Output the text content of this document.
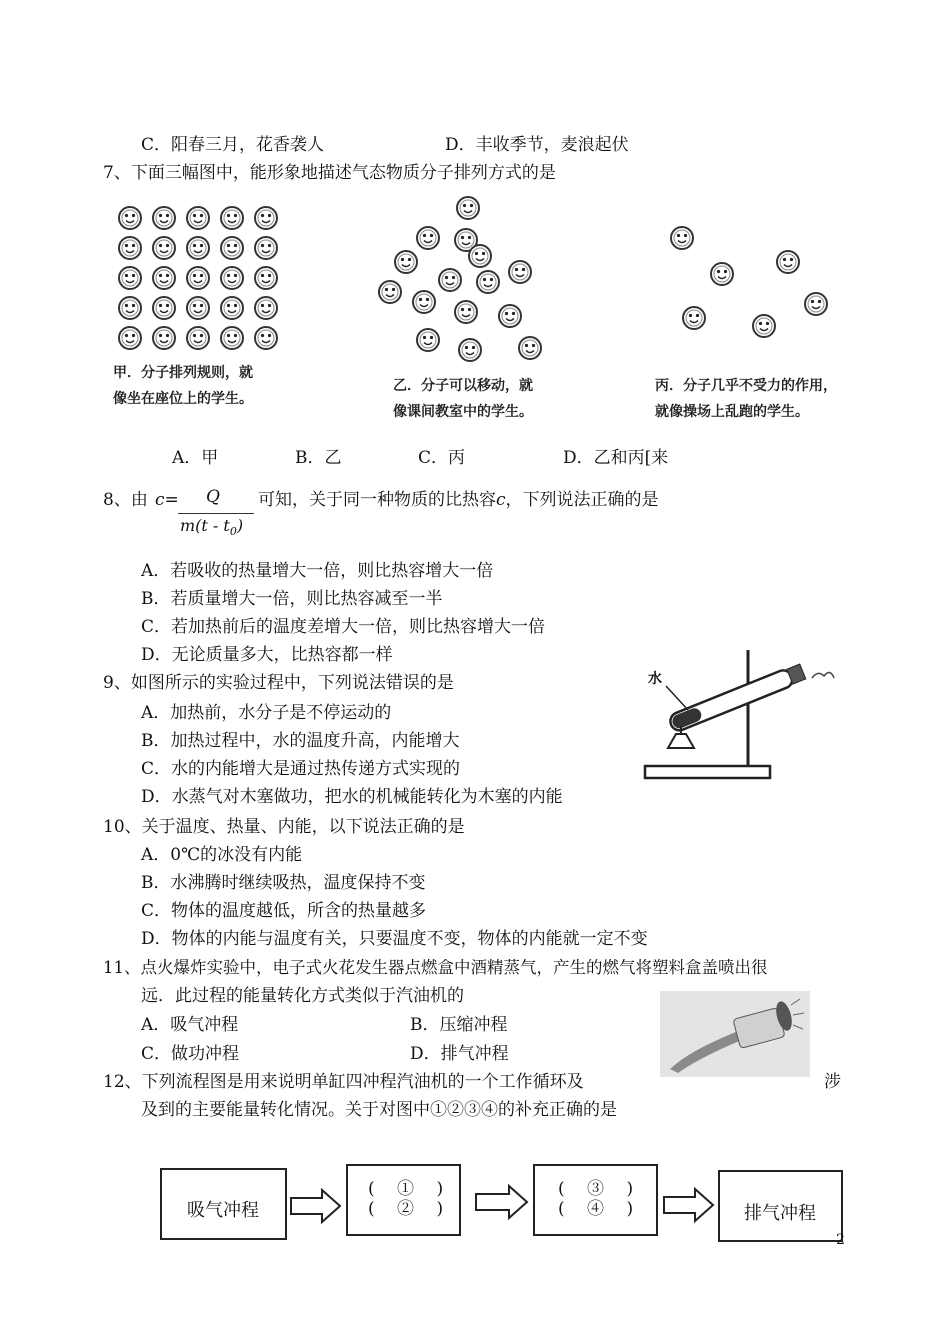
C．阳春三月，花香袭人	D．丰收季节，麦浪起伏
7、下面三幅图中，能形象地描述气态物质分子排列方式的是
甲．分子排列规则，就
像坐在座位上的学生。
乙．分子可以移动，就
像课间教室中的学生。
丙．分子几乎不受力的作用，
就像操场上乱跑的学生。
A．甲	B．乙	C．丙	D．乙和丙[来
8、由 c= Q
$m(t - t_0)$
可知，关于同一种物质的比热容c，下列说法正确的是
A．若吸收的热量增大一倍，则比热容增大一倍
B．若质量增大一倍，则比热容减至一半
C．若加热前后的温度差增大一倍，则比热容增大一倍
D．无论质量多大，比热容都一样
9、如图所示的实验过程中，下列说法错误的是
A．加热前，水分子是不停运动的
B．加热过程中，水的温度升高，内能增大
C．水的内能增大是通过热传递方式实现的
D．水蒸气对木塞做功，把水的机械能转化为木塞的内能
水
10、关于温度、热量、内能，以下说法正确的是
A．0℃的冰没有内能
B．水沸腾时继续吸热，温度保持不变
C．物体的温度越低，所含的热量越多
D．物体的内能与温度有关，只要温度不变，物体的内能就一定不变
11、点火爆炸实验中，电子式火花发生器点燃盒中酒精蒸气，产生的燃气将塑料盒盖喷出很
远．此过程的能量转化方式类似于汽油机的
A．吸气冲程	B．压缩冲程
C．做功冲程	D．排气冲程
12、下列流程图是用来说明单缸四冲程汽油机的一个工作循环及	涉
及到的主要能量转化情况。关于对图中①②③④的补充正确的是
吸气冲程
(　 ①　 )
(　 ②　 )
(　 ③　 )
(　 ④　 )	排气冲程
2
